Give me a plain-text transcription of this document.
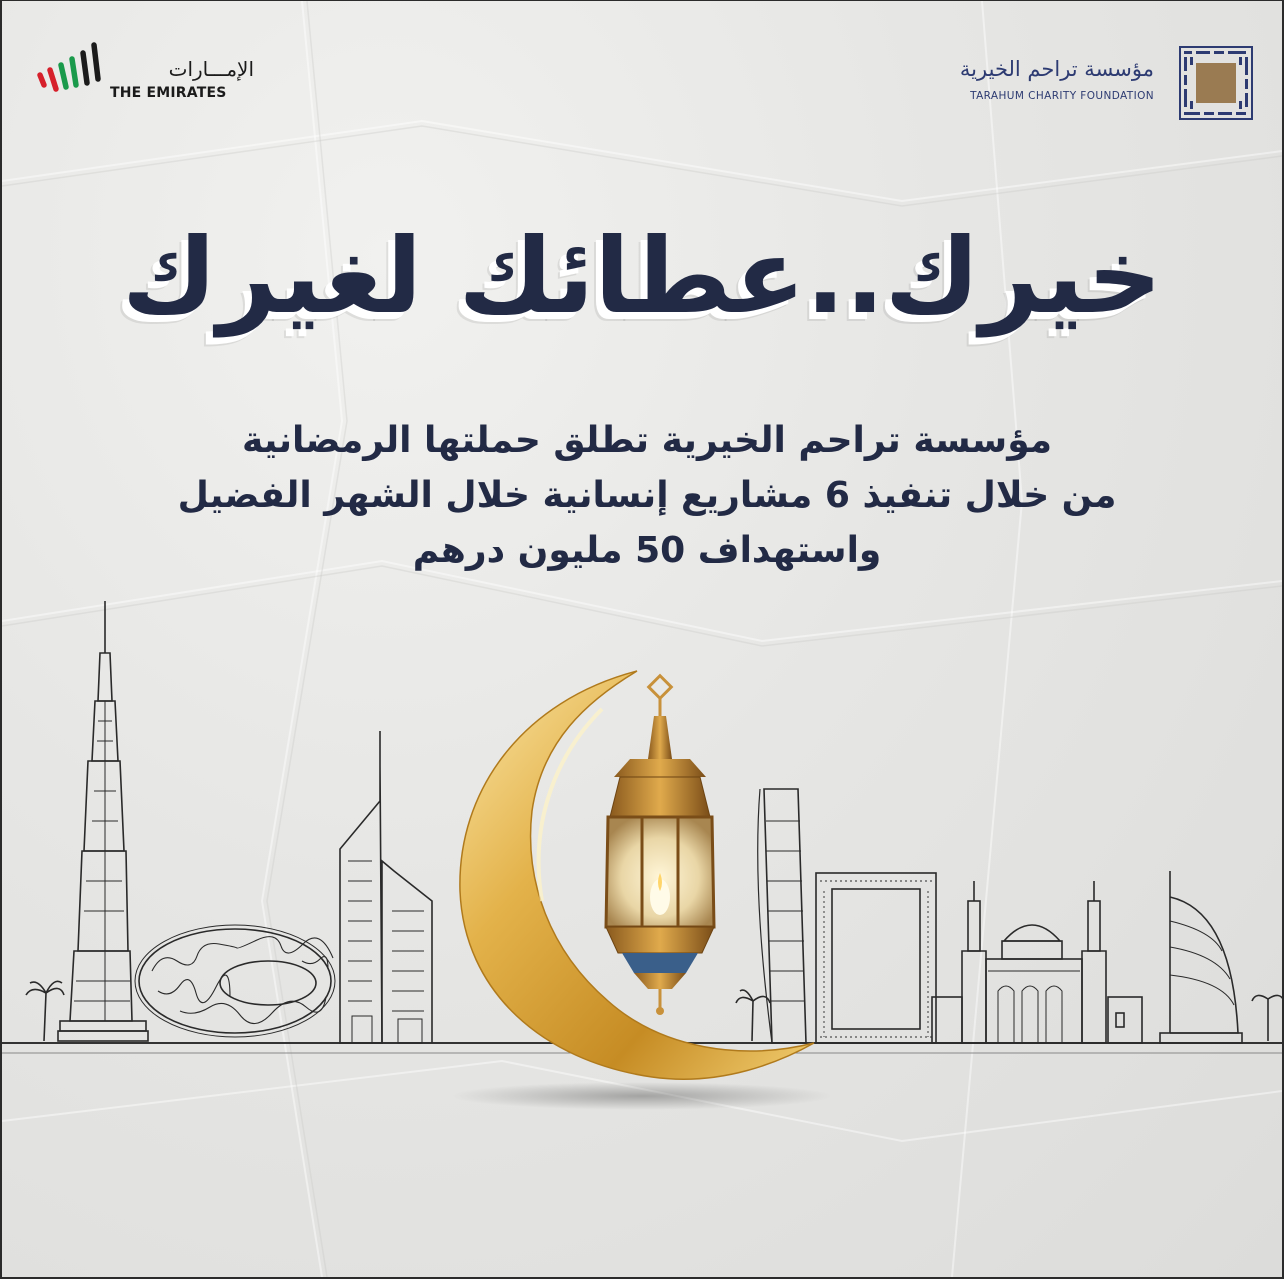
الإمـــارات
THE EMIRATES
مؤسسة تراحم الخيرية
TARAHUM CHARITY FOUNDATION
خيرك..عطائك لغيرك
مؤسسة تراحم الخيرية تطلق حملتها الرمضانية
من خلال تنفيذ 6 مشاريع إنسانية خلال الشهر الفضيل
واستهداف 50 مليون درهم
